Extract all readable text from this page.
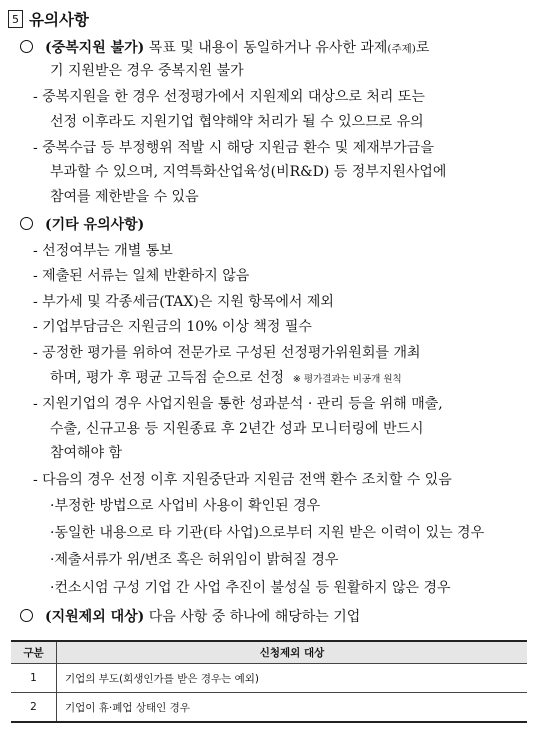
5 유의사항
(중복지원 불가) 목표 및 내용이 동일하거나 유사한 과제(주제)로
기 지원받은 경우 중복지원 불가
- 중복지원을 한 경우 선정평가에서 지원제외 대상으로 처리 또는
선정 이후라도 지원기업 협약해약 처리가 될 수 있으므로 유의
- 중복수급 등 부정행위 적발 시 해당 지원금 환수 및 제재부가금을
부과할 수 있으며, 지역특화산업육성(비R&D) 등 정부지원사업에
참여를 제한받을 수 있음
(기타 유의사항)
- 선정여부는 개별 통보
- 제출된 서류는 일체 반환하지 않음
- 부가세 및 각종세금(TAX)은 지원 항목에서 제외
- 기업부담금은 지원금의 10% 이상 책정 필수
- 공정한 평가를 위하여 전문가로 구성된 선정평가위원회를 개최
하며, 평가 후 평균 고득점 순으로 선정 ※ 평가결과는 비공개 원칙
- 지원기업의 경우 사업지원을 통한 성과분석 · 관리 등을 위해 매출,
수출, 신규고용 등 지원종료 후 2년간 성과 모니터링에 반드시
참여해야 함
- 다음의 경우 선정 이후 지원중단과 지원금 전액 환수 조치할 수 있음
·부정한 방법으로 사업비 사용이 확인된 경우
·동일한 내용으로 타 기관(타 사업)으로부터 지원 받은 이력이 있는 경우
·제출서류가 위/변조 혹은 허위임이 밝혀질 경우
·컨소시엄 구성 기업 간 사업 추진이 불성실 등 원활하지 않은 경우
(지원제외 대상) 다음 사항 중 하나에 해당하는 기업
구분	신청제외 대상
1	기업의 부도(회생인가를 받은 경우는 예외)
2	기업이 휴·폐업 상태인 경우
